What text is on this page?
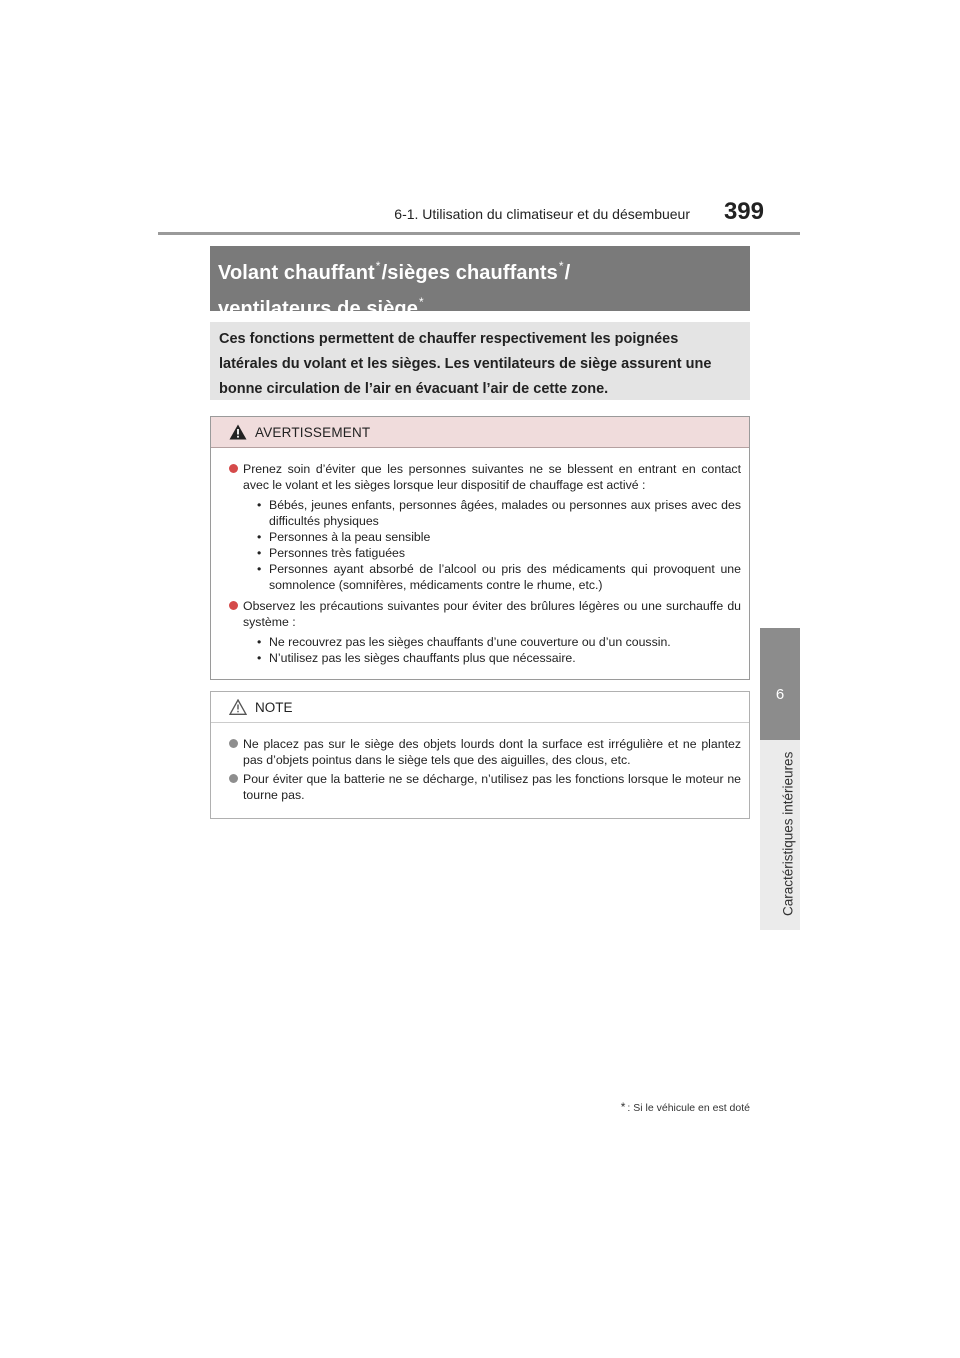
6-1. Utilisation du climatiseur et du désembueur	399
6
Caractéristiques intérieures
Volant chauffant*/sièges chauffants*/
ventilateurs de siège*
Ces fonctions permettent de chauffer respectivement les poignées latérales du volant et les sièges. Les ventilateurs de siège assurent une bonne circulation de l’air en évacuant l’air de cette zone.
AVERTISSEMENT
Prenez soin d’éviter que les personnes suivantes ne se blessent en entrant en contact avec le volant et les sièges lorsque leur dispositif de chauffage est activé :
• Bébés, jeunes enfants, personnes âgées, malades ou personnes aux prises avec des difficultés physiques
• Personnes à la peau sensible
• Personnes très fatiguées
• Personnes ayant absorbé de l’alcool ou pris des médicaments qui provoquent une somnolence (somnifères, médicaments contre le rhume, etc.)
Observez les précautions suivantes pour éviter des brûlures légères ou une surchauffe du système :
• Ne recouvrez pas les sièges chauffants d’une couverture ou d’un coussin.
• N’utilisez pas les sièges chauffants plus que nécessaire.
NOTE
Ne placez pas sur le siège des objets lourds dont la surface est irrégulière et ne plantez pas d’objets pointus dans le siège tels que des aiguilles, des clous, etc.
Pour éviter que la batterie ne se décharge, n’utilisez pas les fonctions lorsque le moteur ne tourne pas.
* : Si le véhicule en est doté
